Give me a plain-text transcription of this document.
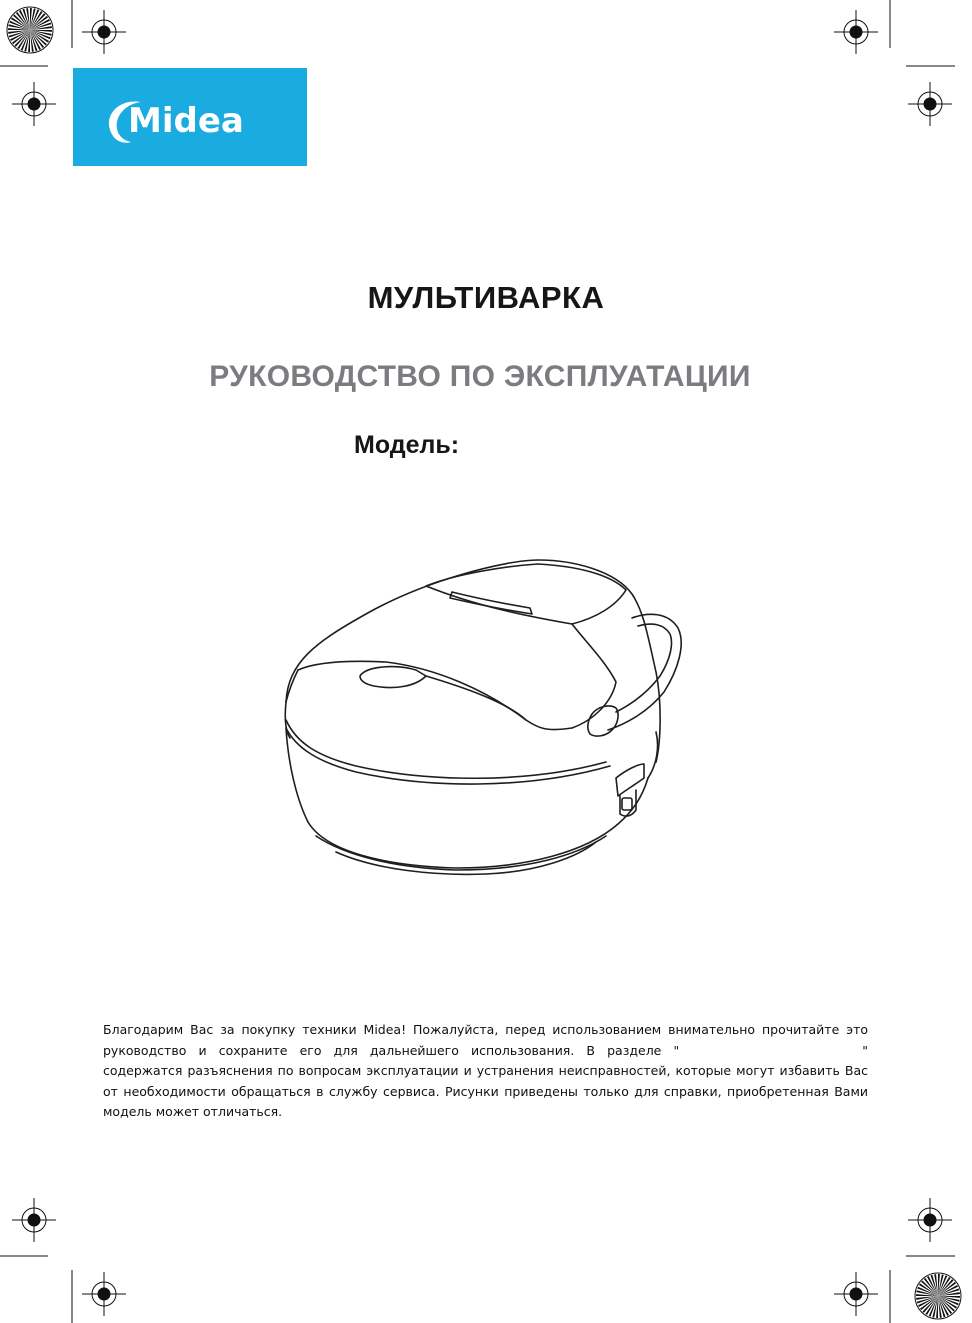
Midea
МУЛЬТИВАРКА
РУКОВОДСТВО ПО ЭКСПЛУАТАЦИИ
Модель:
Благодарим Вас за покупку техники Midea! Пожалуйста, перед использованием внимательно прочитайте это руководство и сохраните его для дальнейшего использования. В разделе "	" содержатся разъяснения по вопросам эксплуатации и устранения неисправностей, которые могут избавить Вас от необходимости обращаться в службу сервиса. Рисунки приведены только для справки, приобретенная Вами модель может отличаться.
